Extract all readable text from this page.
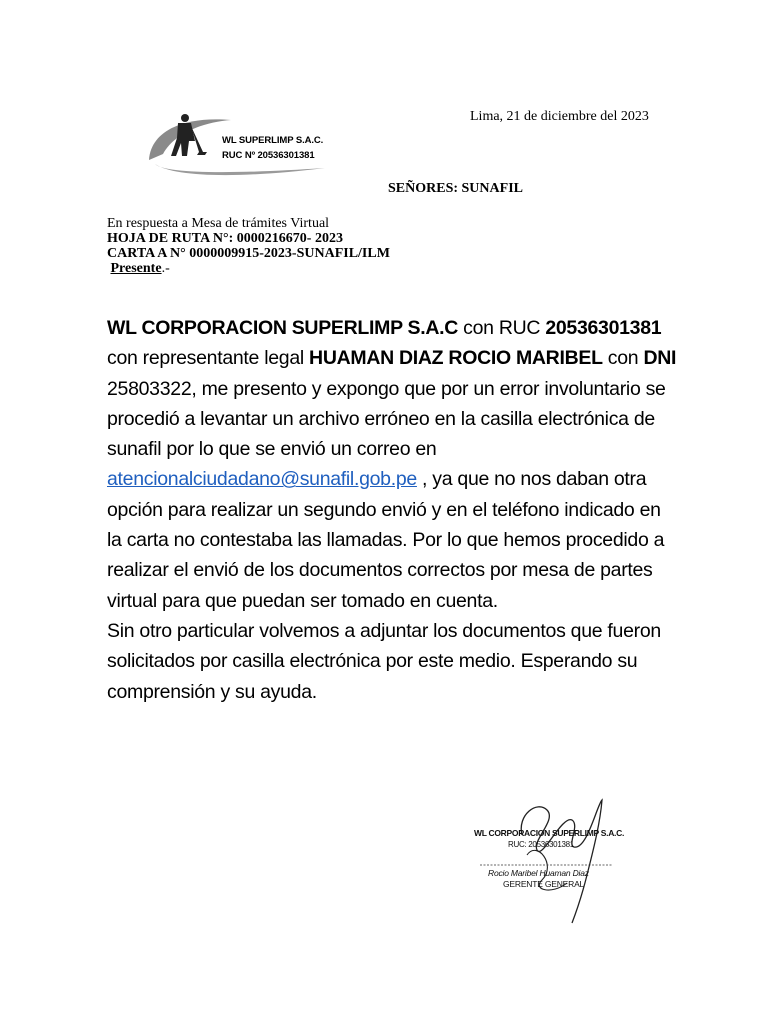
Lima, 21 de diciembre del 2023
WL SUPERLIMP S.A.C.
RUC Nº 20536301381
SEÑORES: SUNAFIL
En respuesta a Mesa de trámites Virtual
HOJA DE RUTA N°: 0000216670- 2023
CARTA A N° 0000009915-2023-SUNAFIL/ILM
Presente.-

WL CORPORACION SUPERLIMP S.A.C con RUC 20536301381 con representante legal HUAMAN DIAZ ROCIO MARIBEL con DNI 25803322, me presento y expongo que por un error involuntario se procedió a levantar un archivo erróneo en la casilla electrónica de sunafil por lo que se envió un correo en atencionalciudadano@sunafil.gob.pe , ya que no nos daban otra opción para realizar un segundo envió y en el teléfono indicado en la carta no contestaba las llamadas. Por lo que hemos procedido a realizar el envió de los documentos correctos por mesa de partes virtual para que puedan ser tomado en cuenta.

Sin otro particular volvemos a adjuntar los documentos que fueron solicitados por casilla electrónica por este medio. Esperando su comprensión y su ayuda.

WL CORPORACION SUPERLIMP S.A.C.
RUC: 20536301381
Rocio Maribel Huaman Diaz
GERENTE GENERAL
